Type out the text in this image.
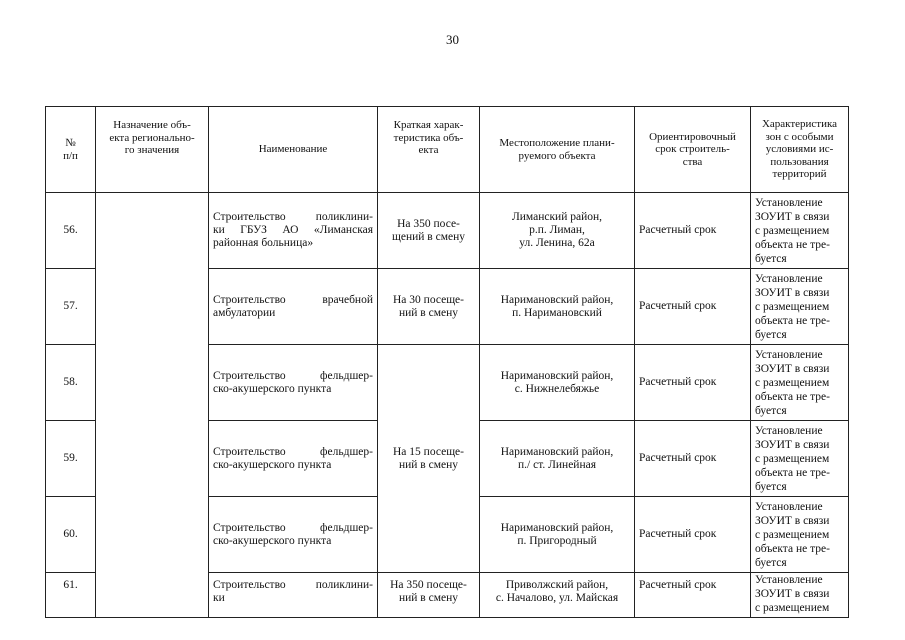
30
№
п/п	Назначение объ-
екта регионально-
го значения	Наименование	Краткая харак-
теристика объ-
екта	Местоположение плани-
руемого объекта	Ориентировочный
срок строитель-
ства	Характеристика
зон с особыми
условиями ис-
пользования
территорий
56.		Строительство поликлини-
ки ГБУЗ АО «Лиманская

районная больница»	На 350 посе-
щений в смену	Лиманский район,
р.п. Лиман,
ул. Ленина, 62а	Расчетный срок	Установление
ЗОУИТ в связи
с размещением
объекта не тре-
буется

57.		Строительство врачебной

амбулатории	На 30 посеще-
ний в смену	Наримановский район,
п. Наримановский	Расчетный срок	Установление
ЗОУИТ в связи
с размещением
объекта не тре-
буется

58.		Строительство фельдшер-

ско-акушерского пункта	На 15 посеще-
ний в смену	Наримановский район,
с. Нижнелебяжье	Расчетный срок	Установление
ЗОУИТ в связи
с размещением
объекта не тре-
буется

59.		Строительство фельдшер-

ско-акушерского пункта		Наримановский район,
п./ ст. Линейная	Расчетный срок	Установление
ЗОУИТ в связи
с размещением
объекта не тре-
буется

60.		Строительство фельдшер-

ско-акушерского пункта		Наримановский район,
п. Пригородный	Расчетный срок	Установление
ЗОУИТ в связи
с размещением
объекта не тре-
буется

61.		Строительство поликлини-

ки	На 350 посеще-
ний в смену	Приволжский район,
с. Началово, ул. Майская	Расчетный срок	Установление
ЗОУИТ в связи
с размещением
